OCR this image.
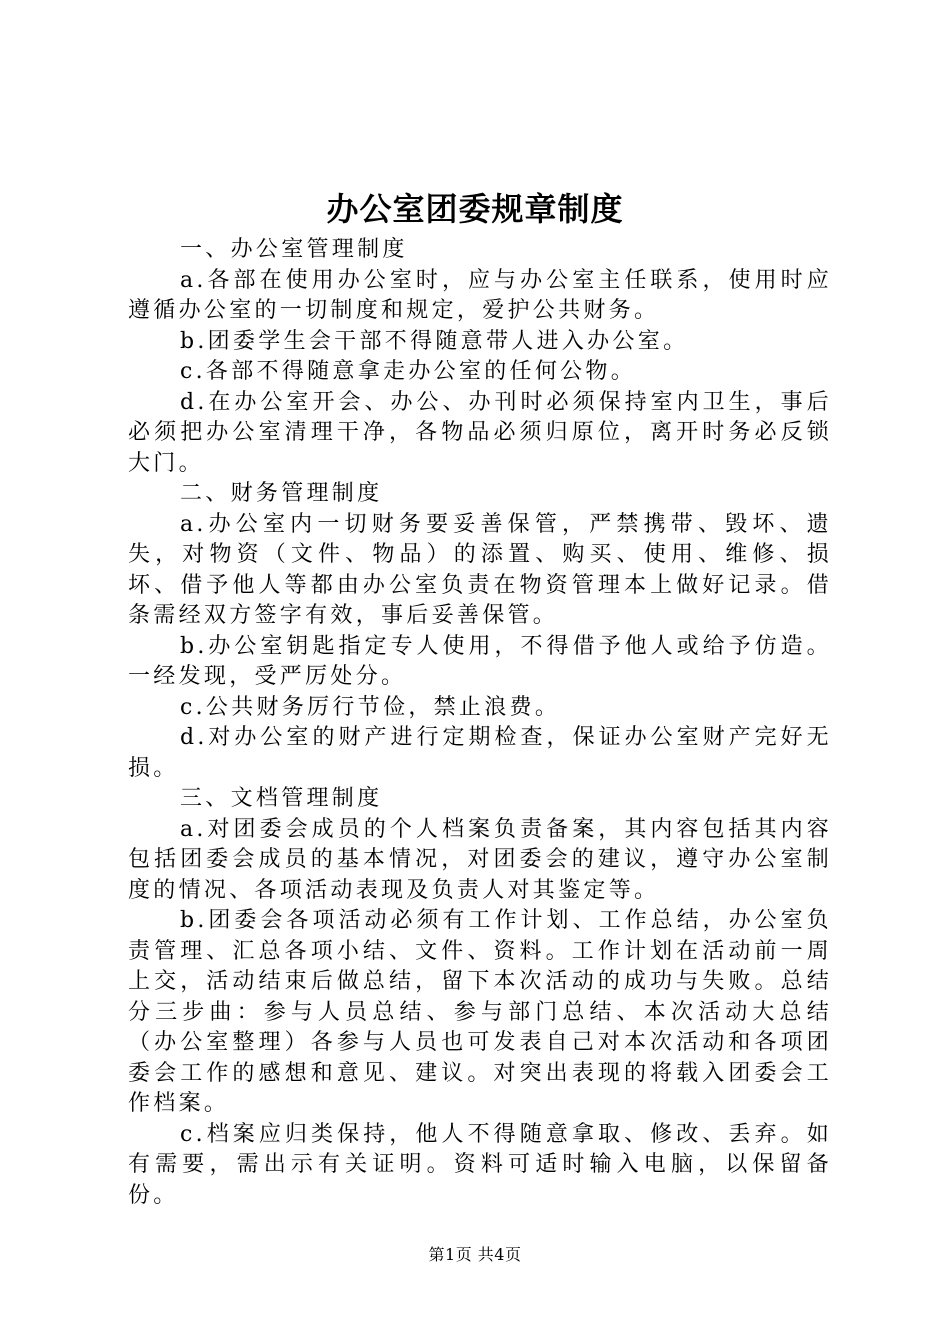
办公室团委规章制度

一、办公室管理制度

a.各部在使用办公室时，应与办公室主任联系，使用时应遵循办公室的一切制度和规定，爱护公共财务。

b.团委学生会干部不得随意带人进入办公室。

c.各部不得随意拿走办公室的任何公物。

d.在办公室开会、办公、办刊时必须保持室内卫生，事后必须把办公室清理干净，各物品必须归原位，离开时务必反锁大门。

二、财务管理制度

a.办公室内一切财务要妥善保管，严禁携带、毁坏、遗失，对物资（文件、物品）的添置、购买、使用、维修、损坏、借予他人等都由办公室负责在物资管理本上做好记录。借条需经双方签字有效，事后妥善保管。

b.办公室钥匙指定专人使用，不得借予他人或给予仿造。一经发现，受严厉处分。

c.公共财务厉行节俭，禁止浪费。

d.对办公室的财产进行定期检查，保证办公室财产完好无损。

三、文档管理制度

a.对团委会成员的个人档案负责备案，其内容包括其内容包括团委会成员的基本情况，对团委会的建议，遵守办公室制度的情况、各项活动表现及负责人对其鉴定等。

b.团委会各项活动必须有工作计划、工作总结，办公室负责管理、汇总各项小结、文件、资料。工作计划在活动前一周上交，活动结束后做总结，留下本次活动的成功与失败。总结分三步曲：参与人员总结、参与部门总结、本次活动大总结（办公室整理）各参与人员也可发表自己对本次活动和各项团委会工作的感想和意见、建议。对突出表现的将载入团委会工作档案。

c.档案应归类保持，他人不得随意拿取、修改、丢弃。如有需要，需出示有关证明。资料可适时输入电脑，以保留备份。

第1页 共4页
